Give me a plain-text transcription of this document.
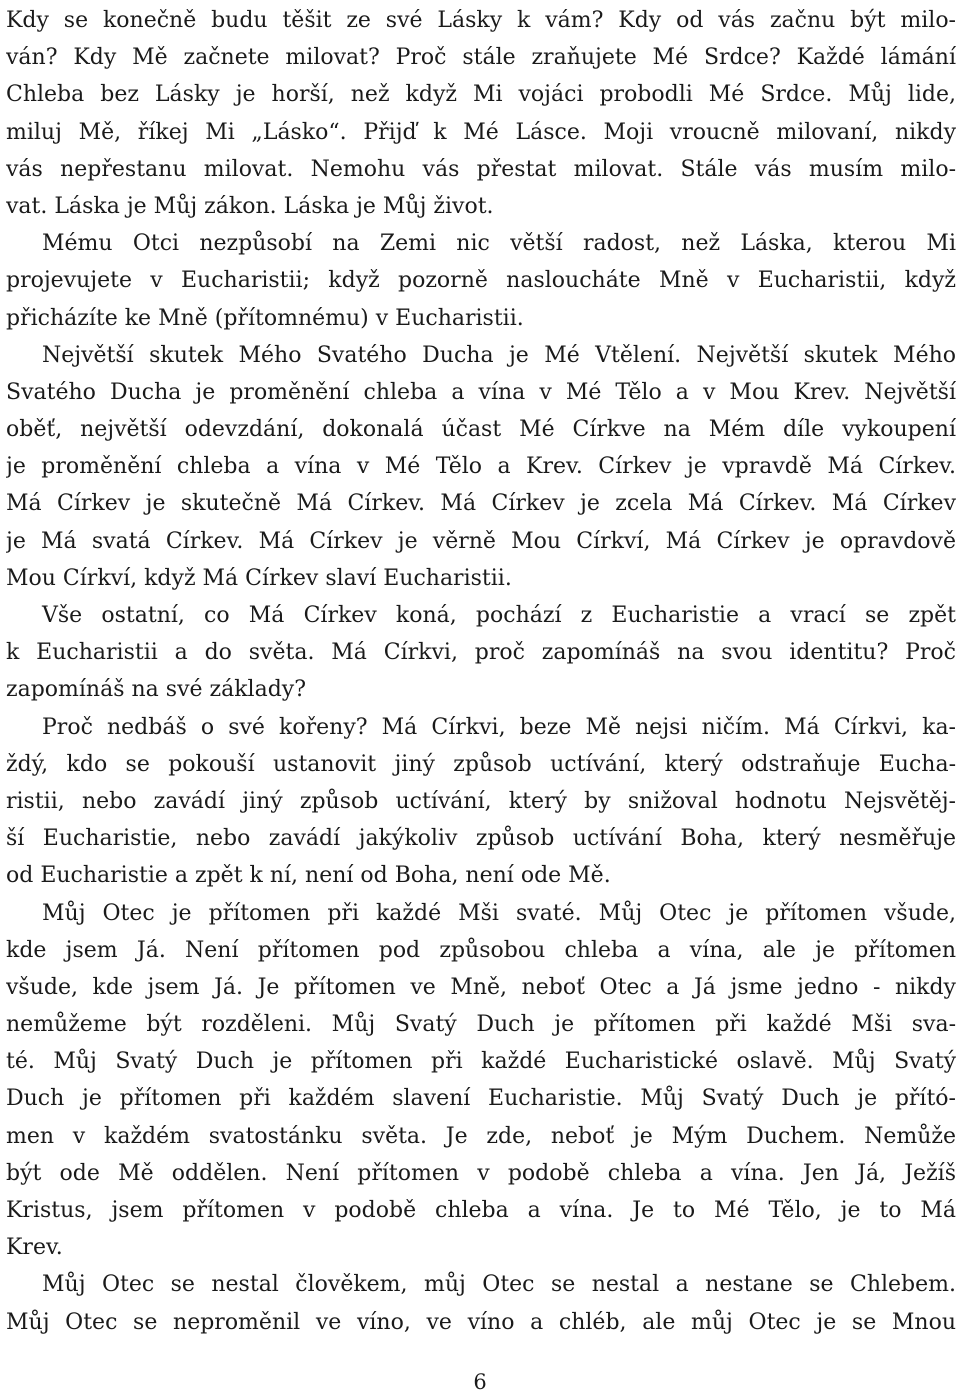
Kdy se konečně budu těšit ze své Lásky k vám? Kdy od vás začnu být milo-
ván? Kdy Mě začnete milovat? Proč stále zraňujete Mé Srdce? Každé lámání
Chleba bez Lásky je horší, než když Mi vojáci probodli Mé Srdce. Můj lide,
miluj Mě, říkej Mi „Lásko“. Přijď k Mé Lásce. Moji vroucně milovaní, nikdy
vás nepřestanu milovat. Nemohu vás přestat milovat. Stále vás musím milo-
vat. Láska je Můj zákon. Láska je Můj život.
Mému Otci nezpůsobí na Zemi nic větší radost, než Láska, kterou Mi
projevujete v Eucharistii; když pozorně nasloucháte Mně v Eucharistii, když
přicházíte ke Mně (přítomnému) v Eucharistii.
Největší skutek Mého Svatého Ducha je Mé Vtělení. Největší skutek Mého
Svatého Ducha je proměnění chleba a vína v Mé Tělo a v Mou Krev. Největší
oběť, největší odevzdání, dokonalá účast Mé Církve na Mém díle vykoupení
je proměnění chleba a vína v Mé Tělo a Krev. Církev je vpravdě Má Církev.
Má Církev je skutečně Má Církev. Má Církev je zcela Má Církev. Má Církev
je Má svatá Církev. Má Církev je věrně Mou Církví, Má Církev je opravdově
Mou Církví, když Má Církev slaví Eucharistii.
Vše ostatní, co Má Církev koná, pochází z Eucharistie a vrací se zpět
k Eucharistii a do světa. Má Církvi, proč zapomínáš na svou identitu? Proč
zapomínáš na své základy?
Proč nedbáš o své kořeny? Má Církvi, beze Mě nejsi ničím. Má Církvi, ka-
ždý, kdo se pokouší ustanovit jiný způsob uctívání, který odstraňuje Eucha-
ristii, nebo zavádí jiný způsob uctívání, který by snižoval hodnotu Nejsvětěj-
ší Eucharistie, nebo zavádí jakýkoliv způsob uctívání Boha, který nesměřuje
od Eucharistie a zpět k ní, není od Boha, není ode Mě.
Můj Otec je přítomen při každé Mši svaté. Můj Otec je přítomen všude,
kde jsem Já. Není přítomen pod způsobou chleba a vína, ale je přítomen
všude, kde jsem Já. Je přítomen ve Mně, neboť Otec a Já jsme jedno - nikdy
nemůžeme být rozděleni. Můj Svatý Duch je přítomen při každé Mši sva-
té. Můj Svatý Duch je přítomen při každé Eucharistické oslavě. Můj Svatý
Duch je přítomen při každém slavení Eucharistie. Můj Svatý Duch je přító-
men v každém svatostánku světa. Je zde, neboť je Mým Duchem. Nemůže
být ode Mě oddělen. Není přítomen v podobě chleba a vína. Jen Já, Ježíš
Kristus, jsem přítomen v podobě chleba a vína. Je to Mé Tělo, je to Má
Krev.
Můj Otec se nestal člověkem, můj Otec se nestal a nestane se Chlebem.
Můj Otec se neproměnil ve víno, ve víno a chléb, ale můj Otec je se Mnou
6
